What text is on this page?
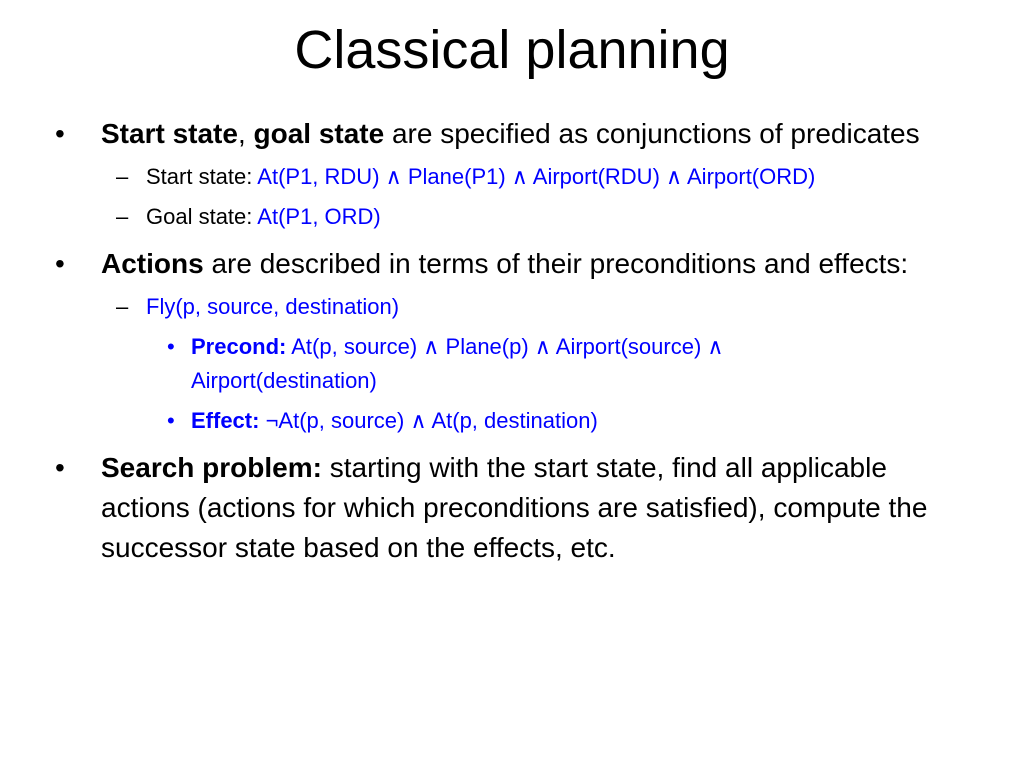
Classical planning
• Start state, goal state are specified as conjunctions of predicates
– Start state: At(P1, RDU) ∧ Plane(P1) ∧ Airport(RDU) ∧ Airport(ORD)
– Goal state: At(P1, ORD)
• Actions are described in terms of their preconditions and effects:
– Fly(p, source, destination)
• Precond: At(p, source) ∧ Plane(p) ∧ Airport(source) ∧ Airport(destination)
• Effect: ¬At(p, source) ∧ At(p, destination)
• Search problem: starting with the start state, find all applicable actions (actions for which preconditions are satisfied), compute the successor state based on the effects, etc.
